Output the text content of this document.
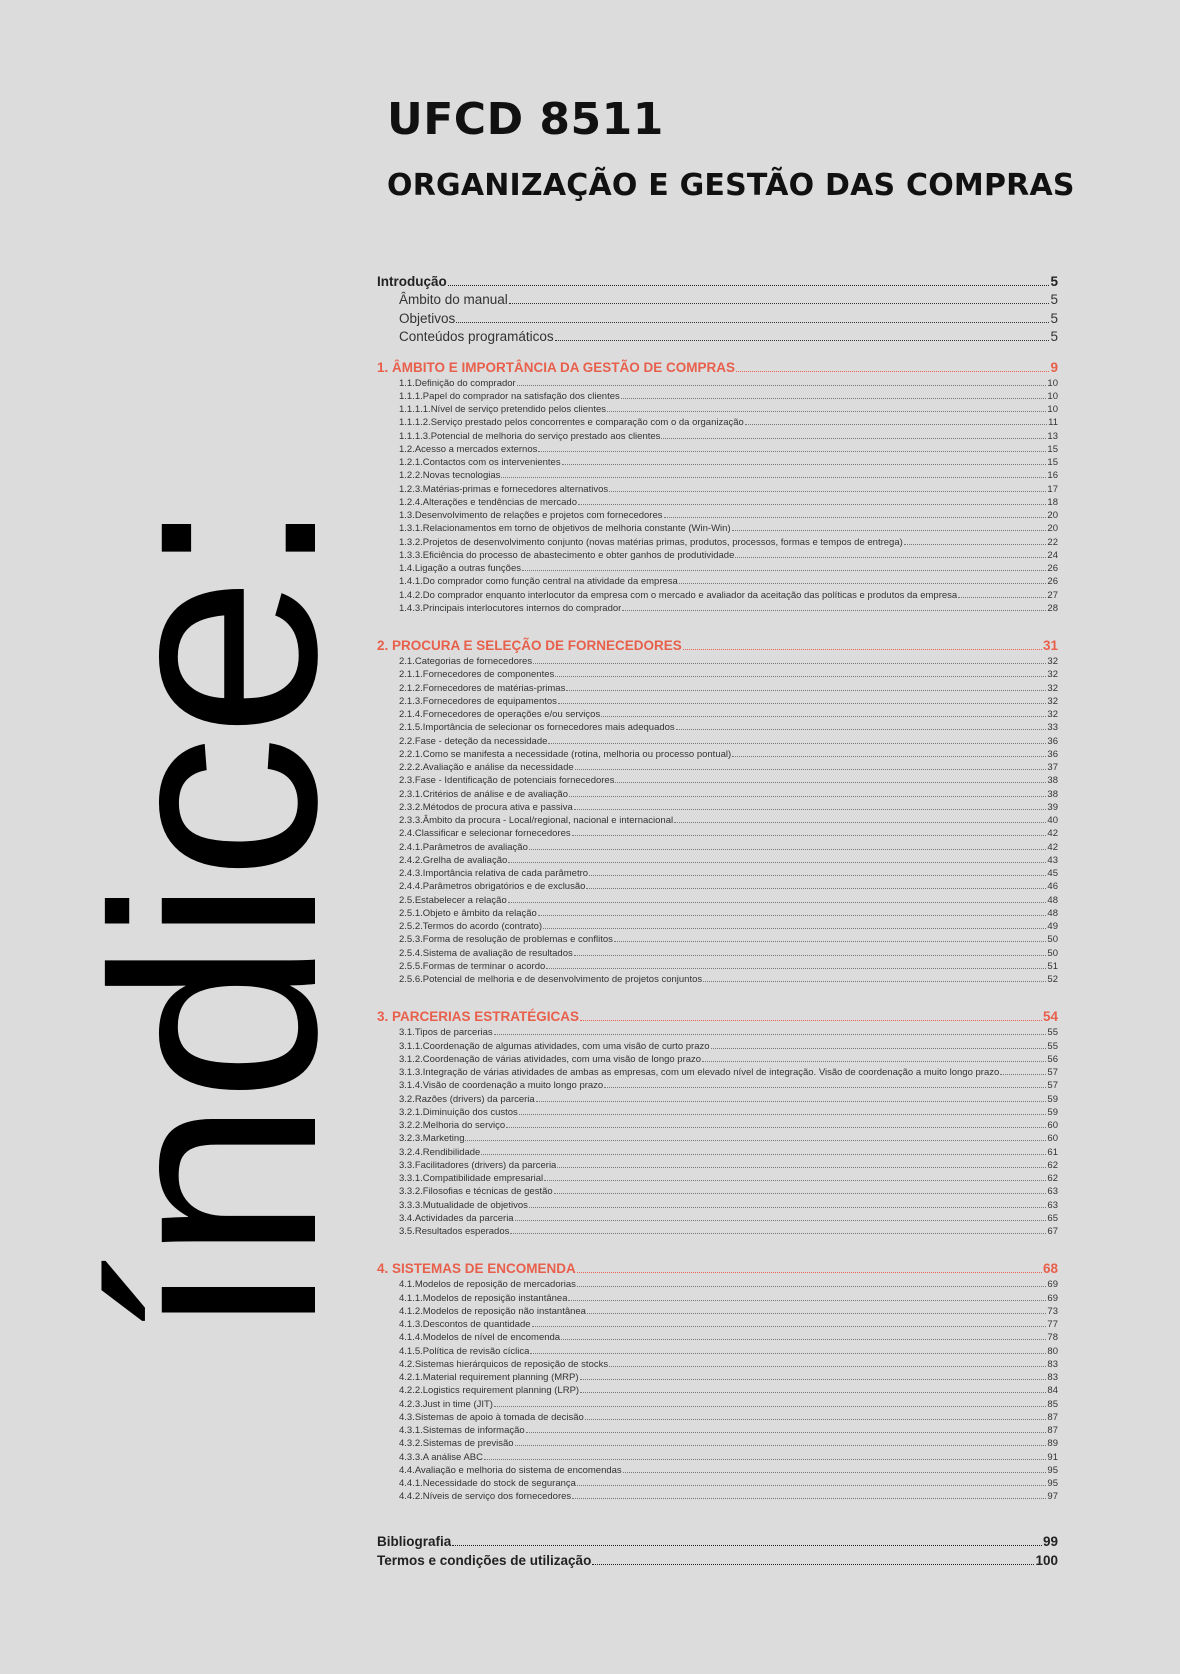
índice:
UFCD 8511
ORGANIZAÇÃO E GESTÃO DAS COMPRAS
Introdução	5
Âmbito do manual	5
Objetivos	5
Conteúdos programáticos	5
1. ÂMBITO E IMPORTÂNCIA DA GESTÃO DE COMPRAS	9
1.1.Definição do comprador	10
1.1.1.Papel do comprador na satisfação dos clientes	10
1.1.1.1.Nível de serviço pretendido pelos clientes	10
1.1.1.2.Serviço prestado pelos concorrentes e comparação com o da organização	11
1.1.1.3.Potencial de melhoria do serviço prestado aos clientes	13
1.2.Acesso a mercados externos	15
1.2.1.Contactos com os intervenientes	15
1.2.2.Novas tecnologias	16
1.2.3.Matérias-primas e fornecedores alternativos	17
1.2.4.Alterações e tendências de mercado	18
1.3.Desenvolvimento de relações e projetos com fornecedores	20
1.3.1.Relacionamentos em torno de objetivos de melhoria constante (Win-Win)	20
1.3.2.Projetos de desenvolvimento conjunto (novas matérias primas, produtos, processos, formas e tempos de entrega)	22
1.3.3.Eficiência do processo de abastecimento e obter ganhos de produtividade	24
1.4.Ligação a outras funções	26
1.4.1.Do comprador como função central na atividade da empresa	26
1.4.2.Do comprador enquanto interlocutor da empresa com o mercado e avaliador da aceitação das políticas e produtos da empresa	27
1.4.3.Principais interlocutores internos do comprador	28
2. PROCURA E SELEÇÃO DE FORNECEDORES	31
2.1.Categorias de fornecedores	32
2.1.1.Fornecedores de componentes	32
2.1.2.Fornecedores de matérias-primas	32
2.1.3.Fornecedores de equipamentos	32
2.1.4.Fornecedores de operações e/ou serviços	32
2.1.5.Importância de selecionar os fornecedores mais adequados	33
2.2.Fase - deteção da necessidade	36
2.2.1.Como se manifesta a necessidade (rotina, melhoria ou processo pontual)	36
2.2.2.Avaliação e análise da necessidade	37
2.3.Fase - Identificação de potenciais fornecedores	38
2.3.1.Critérios de análise e de avaliação	38
2.3.2.Métodos de procura ativa e passiva	39
2.3.3.Âmbito da procura - Local/regional, nacional e internacional	40
2.4.Classificar e selecionar fornecedores	42
2.4.1.Parâmetros de avaliação	42
2.4.2.Grelha de avaliação	43
2.4.3.Importância relativa de cada parâmetro	45
2.4.4.Parâmetros obrigatórios e de exclusão	46
2.5.Estabelecer a relação	48
2.5.1.Objeto e âmbito da relação	48
2.5.2.Termos do acordo (contrato)	49
2.5.3.Forma de resolução de problemas e conflitos	50
2.5.4.Sistema de avaliação de resultados	50
2.5.5.Formas de terminar o acordo	51
2.5.6.Potencial de melhoria e de desenvolvimento de projetos conjuntos	52
3. PARCERIAS ESTRATÉGICAS	54
3.1.Tipos de parcerias	55
3.1.1.Coordenação de algumas atividades, com uma visão de curto prazo	55
3.1.2.Coordenação de várias atividades, com uma visão de longo prazo	56
3.1.3.Integração de várias atividades de ambas as empresas, com um elevado nível de integração. Visão de coordenação a muito longo prazo	57
3.1.4.Visão de coordenação a muito longo prazo	57
3.2.Razões (drivers) da parceria	59
3.2.1.Diminuição dos custos	59
3.2.2.Melhoria do serviço	60
3.2.3.Marketing	60
3.2.4.Rendibilidade	61
3.3.Facilitadores (drivers) da parceria	62
3.3.1.Compatibilidade empresarial	62
3.3.2.Filosofias e técnicas de gestão	63
3.3.3.Mutualidade de objetivos	63
3.4.Actividades da parceria	65
3.5.Resultados esperados	67
4. SISTEMAS DE ENCOMENDA	68
4.1.Modelos de reposição de mercadorias	69
4.1.1.Modelos de reposição instantânea	69
4.1.2.Modelos de reposição não instantânea	73
4.1.3.Descontos de quantidade	77
4.1.4.Modelos de nível de encomenda	78
4.1.5.Política de revisão cíclica	80
4.2.Sistemas hierárquicos de reposição de stocks	83
4.2.1.Material requirement planning (MRP)	83
4.2.2.Logistics requirement planning (LRP)	84
4.2.3.Just in time (JIT)	85
4.3.Sistemas de apoio à tomada de decisão	87
4.3.1.Sistemas de informação	87
4.3.2.Sistemas de previsão	89
4.3.3.A análise ABC	91
4.4.Avaliação e melhoria do sistema de encomendas	95
4.4.1.Necessidade do stock de segurança	95
4.4.2.Níveis de serviço dos fornecedores	97
Bibliografia	99
Termos e condições de utilização	100
